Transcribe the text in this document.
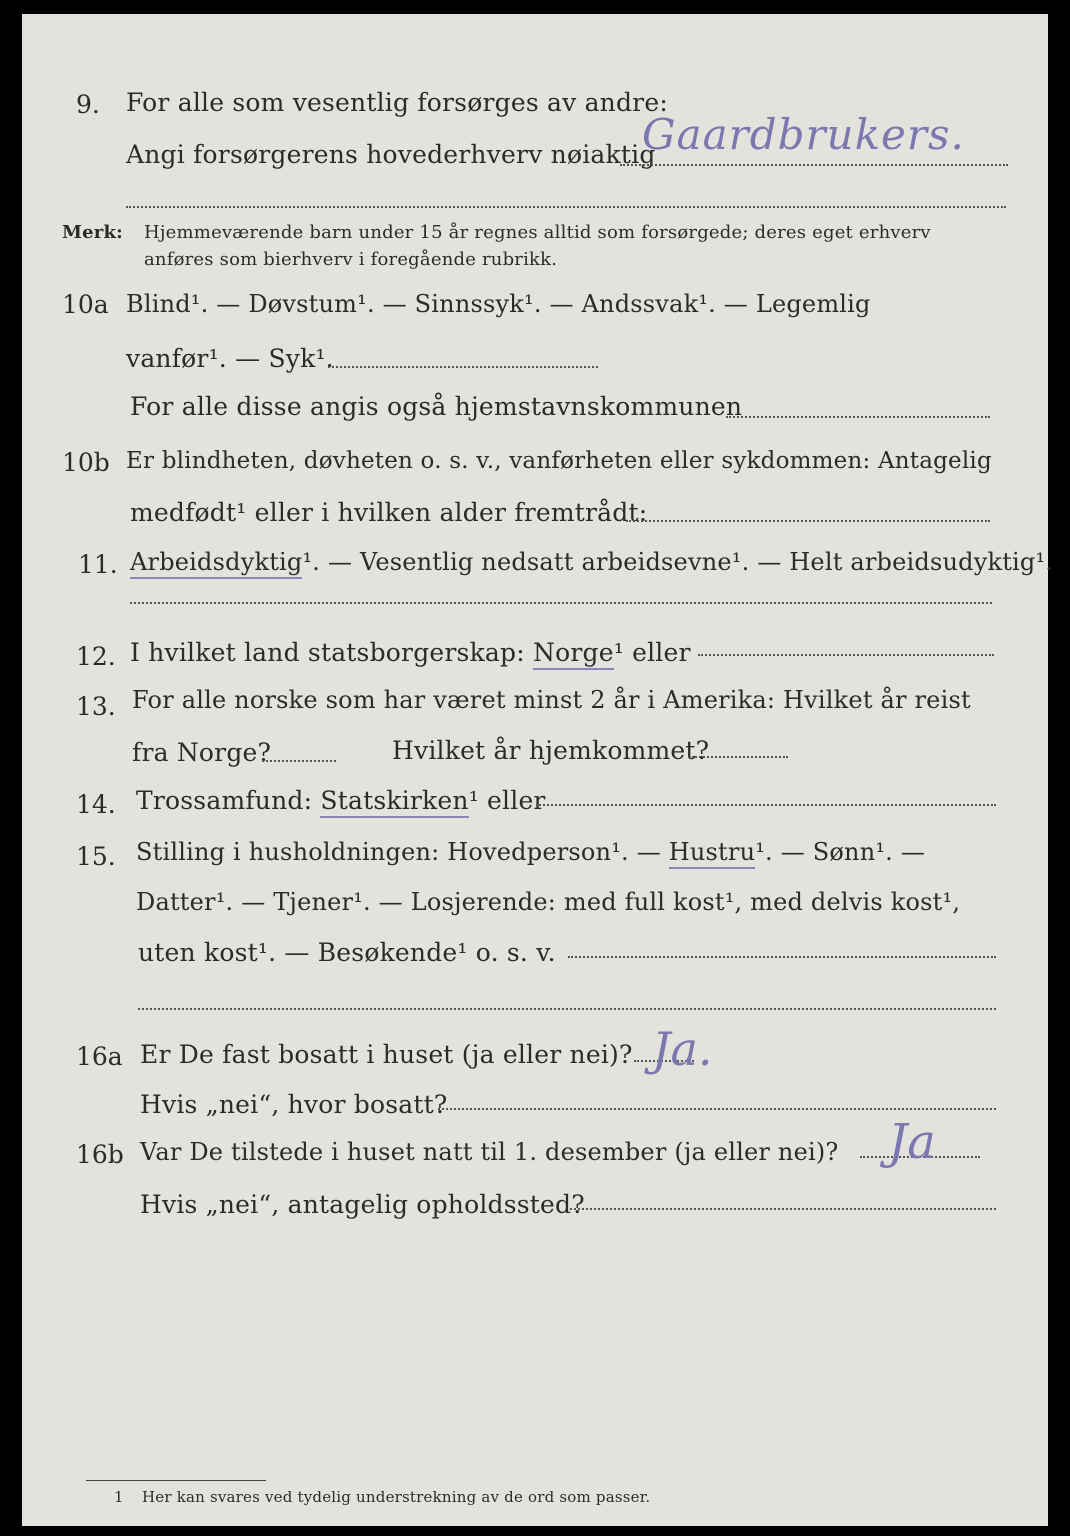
9. For alle som vesentlig forsørges av andre:
Angi forsørgerens hovederhverv nøiaktig
Gaardbrukers.
Merk: Hjemmeværende barn under 15 år regnes alltid som forsørgede; deres eget erhverv
anføres som bierhverv i foregående rubrikk.
10a Blind¹. — Døvstum¹. — Sinnssyk¹. — Andssvak¹. — Legemlig
vanfør¹. — Syk¹.
For alle disse angis også hjemstavnskommunen
10b Er blindheten, døvheten o. s. v., vanførheten eller sykdommen: Antagelig
medfødt¹ eller i hvilken alder fremtrådt:
11. Arbeidsdyktig¹. — Vesentlig nedsatt arbeidsevne¹. — Helt arbeidsudyktig¹.
12. I hvilket land statsborgerskap: Norge¹ eller
13. For alle norske som har været minst 2 år i Amerika: Hvilket år reist
fra Norge?	Hvilket år hjemkommet?
14. Trossamfund: Statskirken¹ eller
15. Stilling i husholdningen: Hovedperson¹. — Hustru¹. — Sønn¹. —
Datter¹. — Tjener¹. — Losjerende: med full kost¹, med delvis kost¹,
uten kost¹. — Besøkende¹ o. s. v.
16a Er De fast bosatt i huset (ja eller nei)? Ja.
Hvis „nei“, hvor bosatt?
16b Var De tilstede i huset natt til 1. desember (ja eller nei)? Ja
Hvis „nei“, antagelig opholdssted?
1 Her kan svares ved tydelig understrekning av de ord som passer.
